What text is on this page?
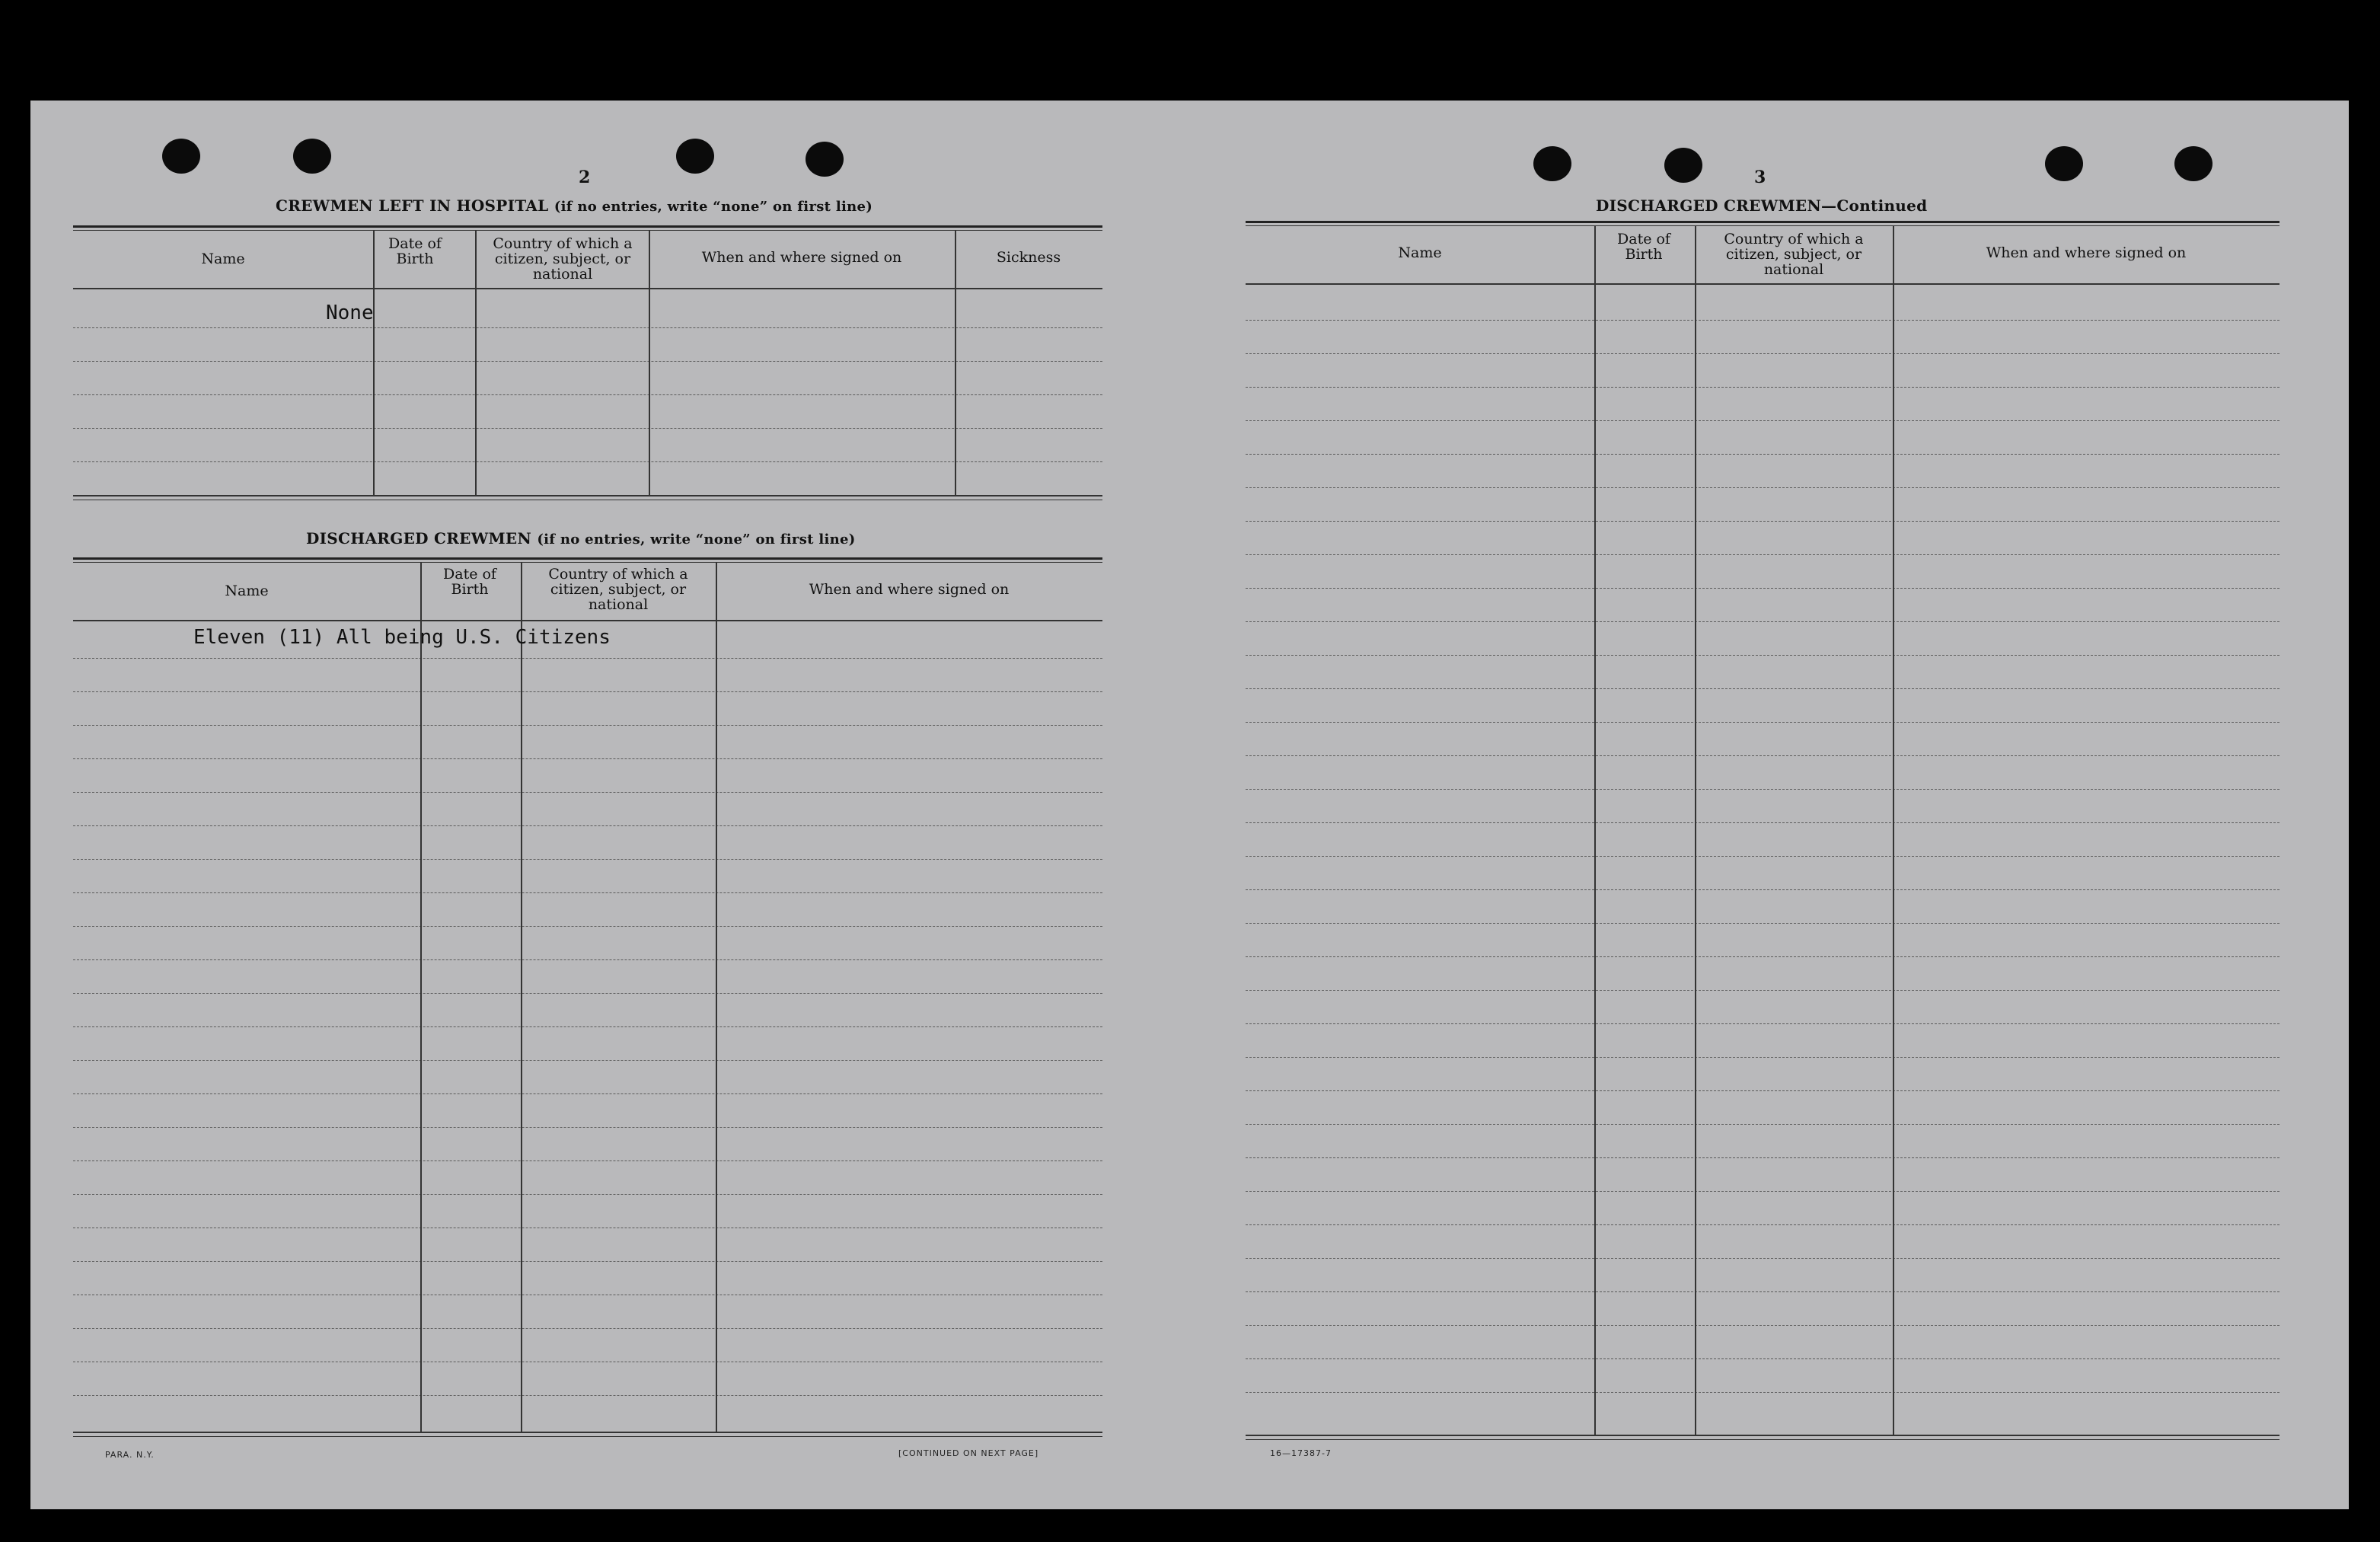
2
CREWMEN LEFT IN HOSPITAL (if no entries, write “none” on first line)
Name
Date of Birth
Country of which a citizen, subject, or national
When and where signed on	Sickness
None
DISCHARGED CREWMEN (if no entries, write “none” on first line)
Name
Date of Birth
Country of which a citizen, subject, or national
When and where signed on
Eleven (11) All being U.S. Citizens
PARA. N.Y.	[CONTINUED ON NEXT PAGE]
3
DISCHARGED CREWMEN—Continued
Name
Date of Birth
Country of which a citizen, subject, or national
When and where signed on
16—17387-7
